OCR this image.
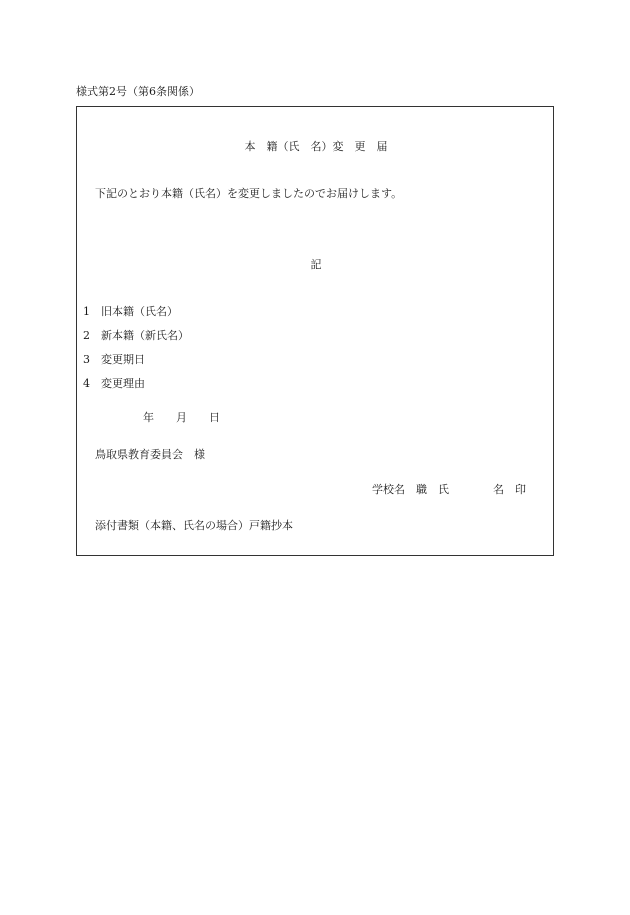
様式第2号（第6条関係）
本　籍（氏　名）変　更　届
下記のとおり本籍（氏名）を変更しましたのでお届けします。
記
1 旧本籍（氏名）
2 新本籍（新氏名）
3 変更期日
4 変更理由
年　　月　　日
鳥取県教育委員会　様
学校名　職　氏　　　　名　印
添付書類（本籍、氏名の場合）戸籍抄本
